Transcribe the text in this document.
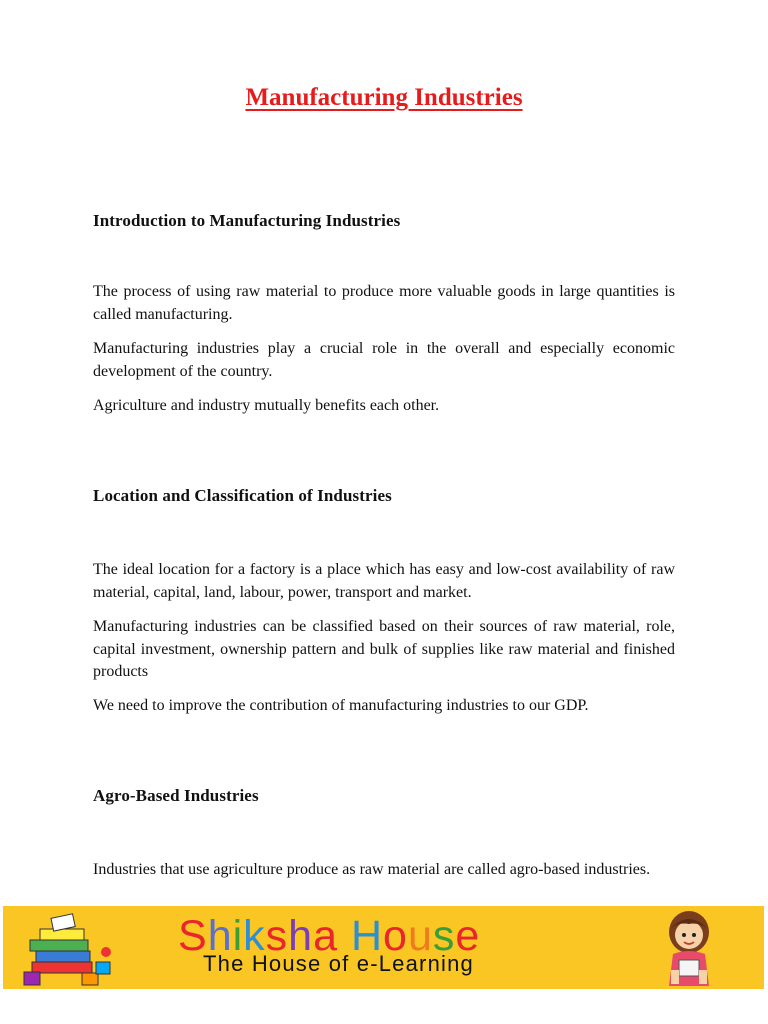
Manufacturing Industries
Introduction to Manufacturing Industries

The process of using raw material to produce more valuable goods in large quantities is called manufacturing.

Manufacturing industries play a crucial role in the overall and especially economic development of the country.

Agriculture and industry mutually benefits each other.

Location and Classification of Industries

The ideal location for a factory is a place which has easy and low-cost availability of raw material, capital, land, labour, power, transport and market.

Manufacturing industries can be classified based on their sources of raw material, role, capital investment, ownership pattern and bulk of supplies like raw material and finished products

We need to improve the contribution of manufacturing industries to our GDP.

Agro-Based Industries

Industries that use agriculture produce as raw material are called agro-based industries.

Shiksha House

The House of e-Learning
